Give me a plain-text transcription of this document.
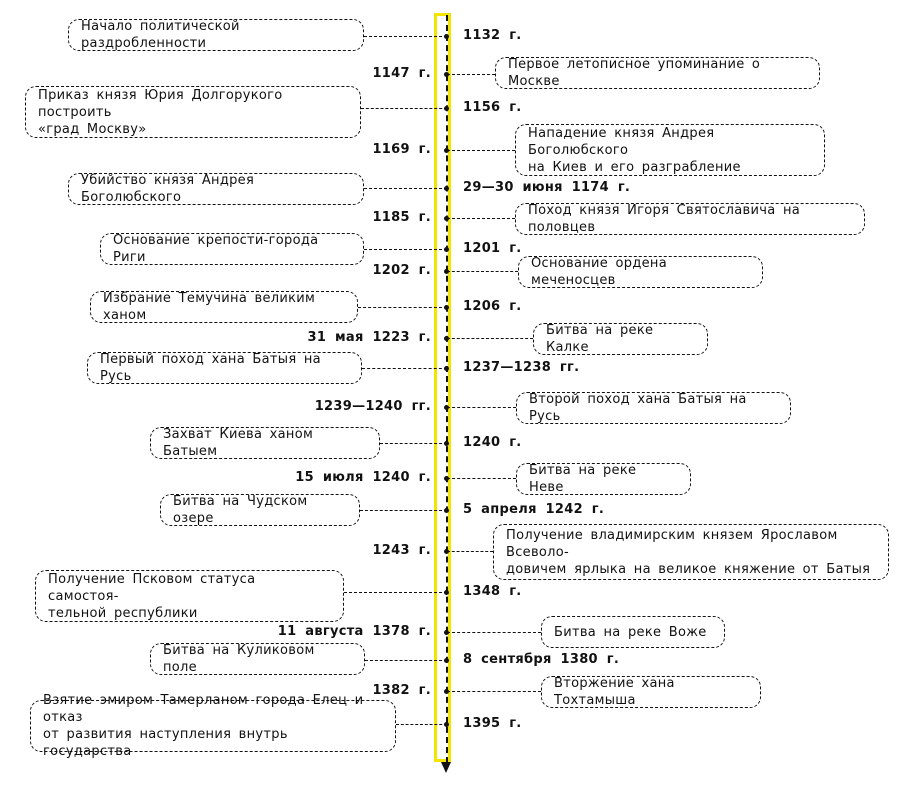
Начало политической раздробленности
1132 г.
Первое летописное упоминание о Москве
1147 г.
Приказ князя Юрия Долгорукого построить
«град Москву»
1156 г.
Нападение князя Андрея Боголюбского
на Киев и его разграбление
1169 г.
Убийство князя Андрея Боголюбского
29—30 июня 1174 г.
Поход князя Игоря Святославича на половцев
1185 г.
Основание крепости-города Риги
1201 г.
Основание ордена меченосцев
1202 г.
Избрание Темучина великим ханом
1206 г.
Битва на реке Калке
31 мая 1223 г.
Первый поход хана Батыя на Русь
1237—1238 гг.
Второй поход хана Батыя на Русь
1239—1240 гг.
Захват Киева ханом Батыем
1240 г.
Битва на реке Неве
15 июля 1240 г.
Битва на Чудском озере
5 апреля 1242 г.
Получение владимирским князем Ярославом Всеволо-
довичем ярлыка на великое княжение от Батыя
1243 г.
Получение Псковом статуса самостоя-
тельной республики
1348 г.
Битва на реке Воже
11 августа 1378 г.
Битва на Куликовом поле
8 сентября 1380 г.
Вторжение хана Тохтамыша
1382 г.
Взятие эмиром Тамерланом города Елец и отказ
от развития наступления внутрь государства
1395 г.
